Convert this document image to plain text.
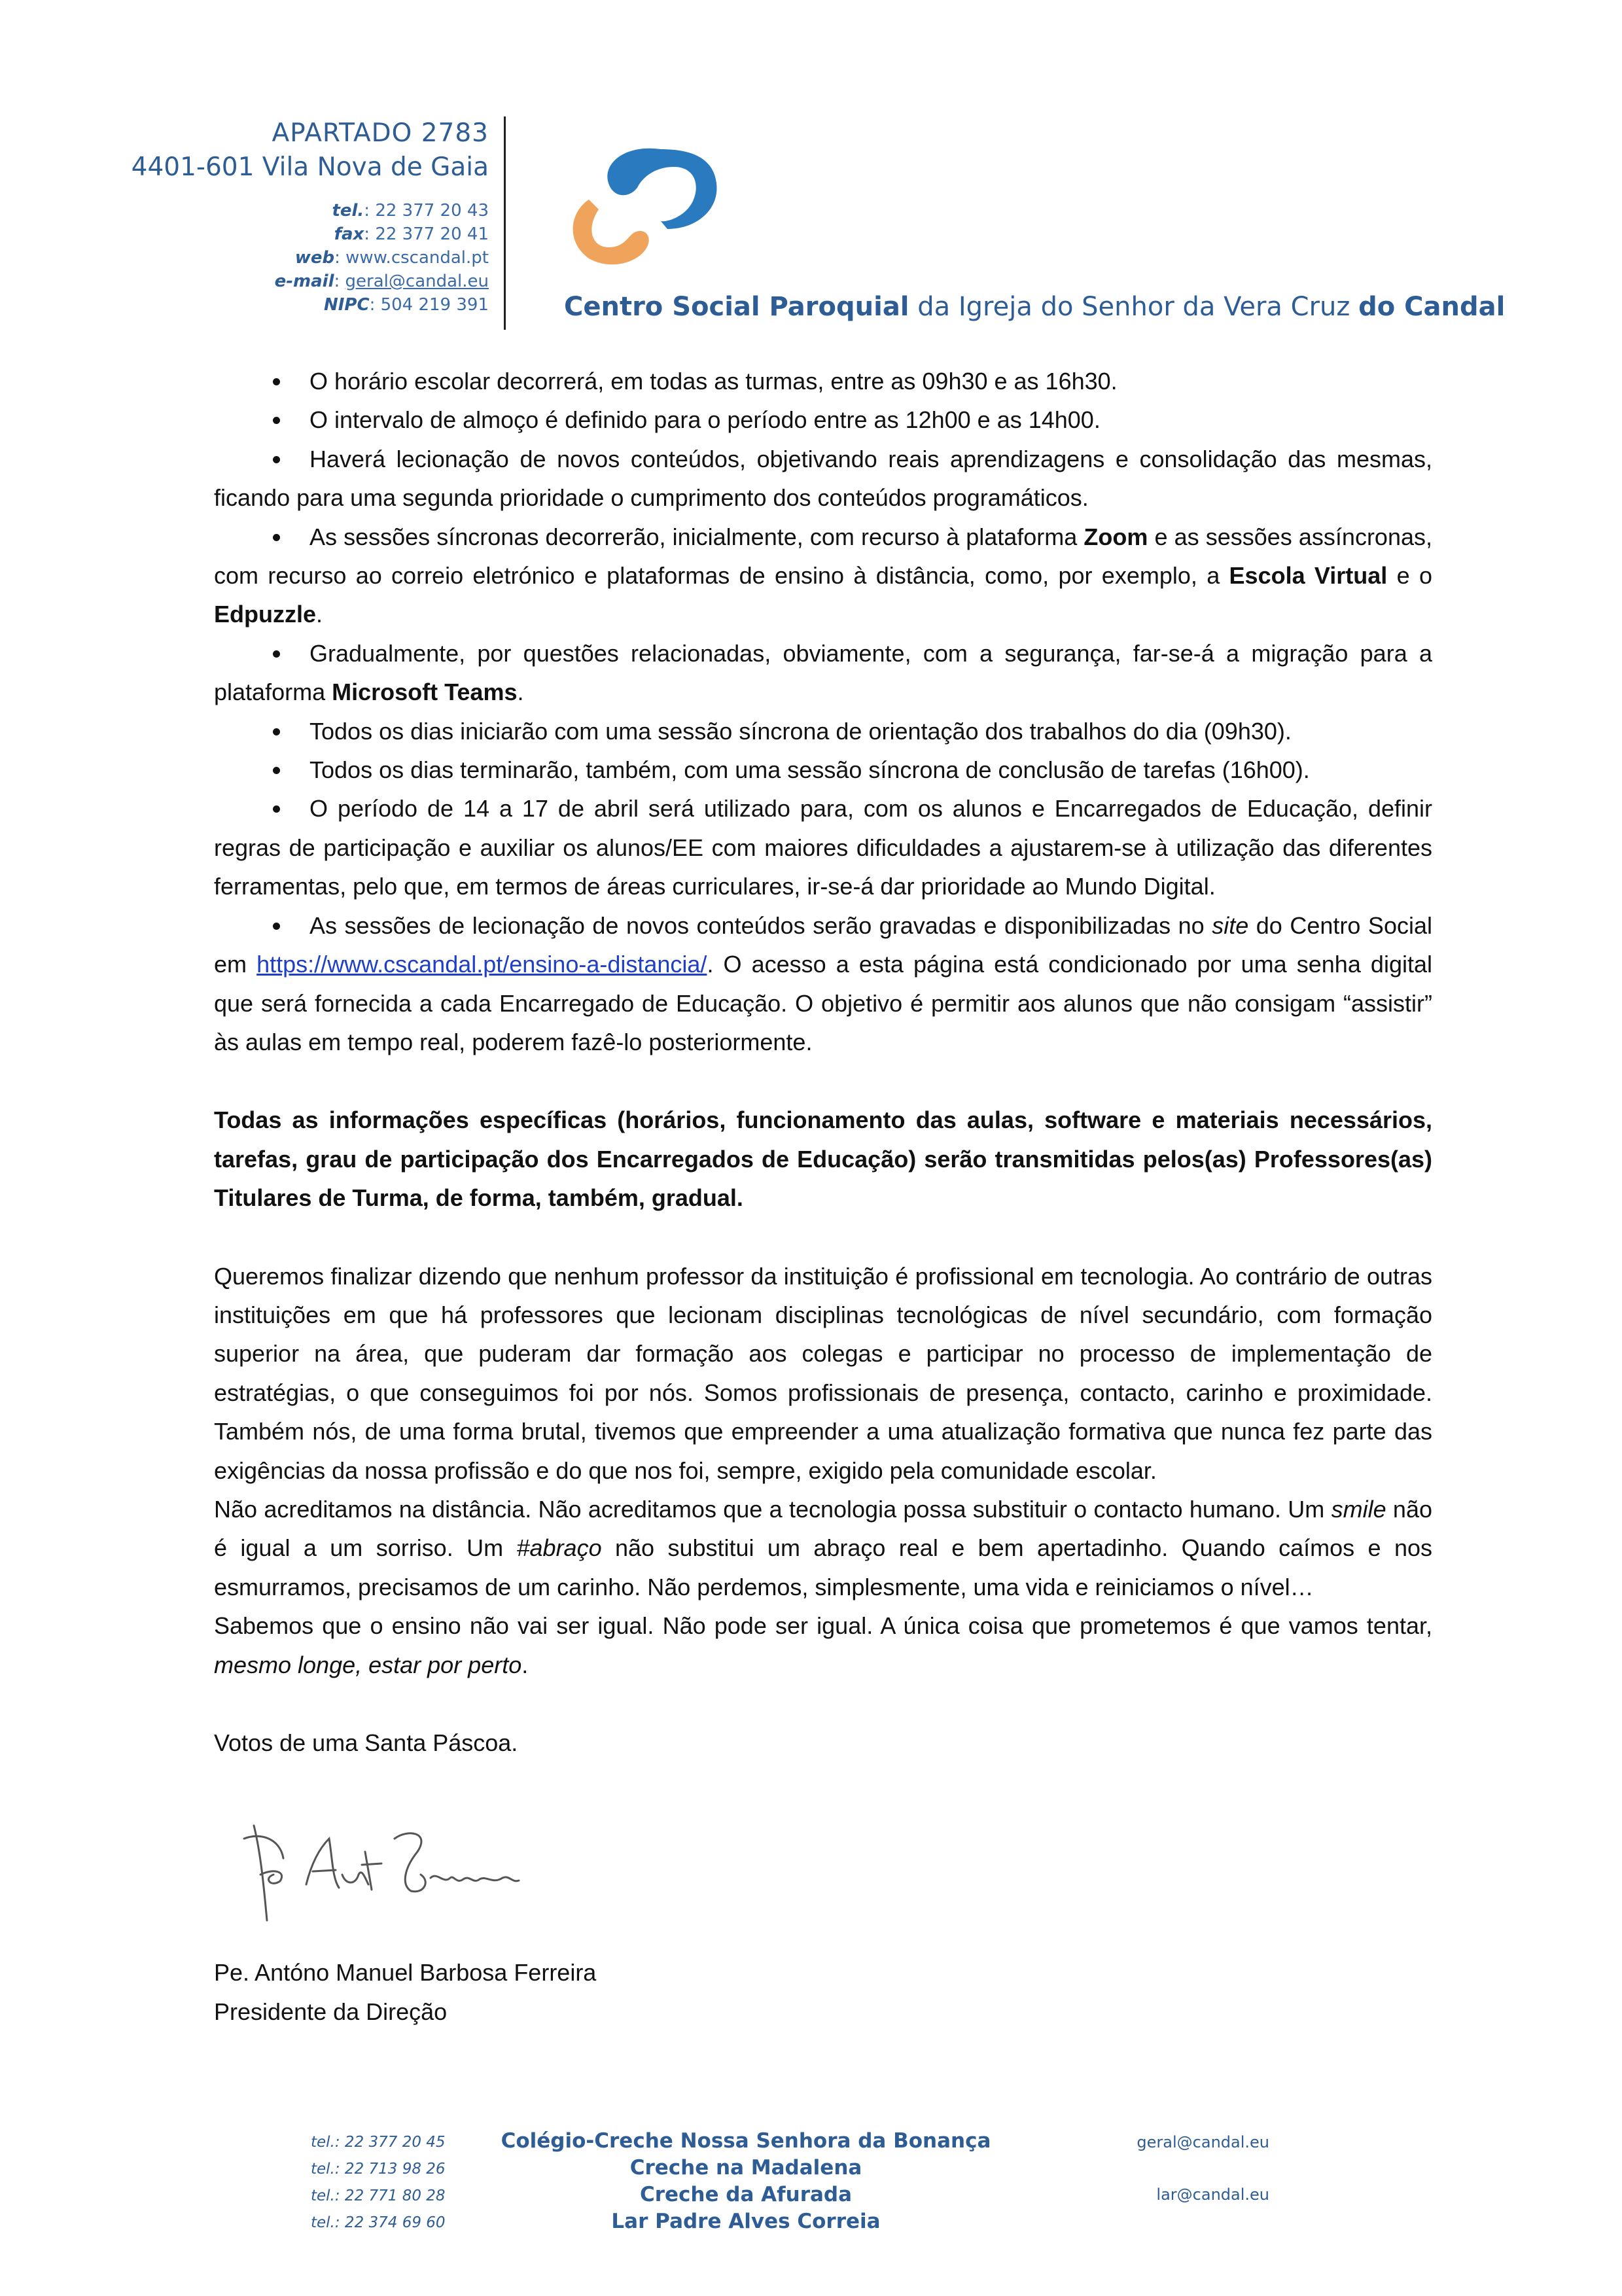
APARTADO 2783
4401-601 Vila Nova de Gaia
tel.: 22 377 20 43
fax: 22 377 20 41
web: www.cscandal.pt
e-mail: geral@candal.eu
NIPC: 504 219 391	Centro Social Paroquial da Igreja do Senhor da Vera Cruz do Candal

O horário escolar decorrerá, em todas as turmas, entre as 09h30 e as 16h30.

O intervalo de almoço é definido para o período entre as 12h00 e as 14h00.

Haverá lecionação de novos conteúdos, objetivando reais aprendizagens e consolidação das mesmas, ficando para uma segunda prioridade o cumprimento dos conteúdos programáticos.

As sessões síncronas decorrerão, inicialmente, com recurso à plataforma Zoom e as sessões assíncronas, com recurso ao correio eletrónico e plataformas de ensino à distância, como, por exemplo, a Escola Virtual e o Edpuzzle.

Gradualmente, por questões relacionadas, obviamente, com a segurança, far-se-á a migração para a plataforma Microsoft Teams.

Todos os dias iniciarão com uma sessão síncrona de orientação dos trabalhos do dia (09h30).

Todos os dias terminarão, também, com uma sessão síncrona de conclusão de tarefas (16h00).

O período de 14 a 17 de abril será utilizado para, com os alunos e Encarregados de Educação, definir regras de participação e auxiliar os alunos/EE com maiores dificuldades a ajustarem-se à utilização das diferentes ferramentas, pelo que, em termos de áreas curriculares, ir-se-á dar prioridade ao Mundo Digital.

As sessões de lecionação de novos conteúdos serão gravadas e disponibilizadas no site do Centro Social em https://www.cscandal.pt/ensino-a-distancia/. O acesso a esta página está condicionado por uma senha digital que será fornecida a cada Encarregado de Educação. O objetivo é permitir aos alunos que não consigam “assistir” às aulas em tempo real, poderem fazê-lo posteriormente.

Todas as informações específicas (horários, funcionamento das aulas, software e materiais necessários, tarefas, grau de participação dos Encarregados de Educação) serão transmitidas pelos(as) Professores(as) Titulares de Turma, de forma, também, gradual.

Queremos finalizar dizendo que nenhum professor da instituição é profissional em tecnologia. Ao contrário de outras instituições em que há professores que lecionam disciplinas tecnológicas de nível secundário, com formação superior na área, que puderam dar formação aos colegas e participar no processo de implementação de estratégias, o que conseguimos foi por nós. Somos profissionais de presença, contacto, carinho e proximidade. Também nós, de uma forma brutal, tivemos que empreender a uma atualização formativa que nunca fez parte das exigências da nossa profissão e do que nos foi, sempre, exigido pela comunidade escolar.

Não acreditamos na distância. Não acreditamos que a tecnologia possa substituir o contacto humano. Um smile não é igual a um sorriso. Um #abraço não substitui um abraço real e bem apertadinho. Quando caímos e nos esmurramos, precisamos de um carinho. Não perdemos, simplesmente, uma vida e reiniciamos o nível…

Sabemos que o ensino não vai ser igual. Não pode ser igual. A única coisa que prometemos é que vamos tentar, mesmo longe, estar por perto.

Votos de uma Santa Páscoa.

Pe. Antóno Manuel Barbosa Ferreira
Presidente da Direção
tel.: 22 377 20 45
tel.: 22 713 98 26
tel.: 22 771 80 28
tel.: 22 374 69 60
Colégio-Creche Nossa Senhora da Bonança
Creche na Madalena
Creche da Afurada
Lar Padre Alves Correia
geral@candal.eu
lar@candal.eu
